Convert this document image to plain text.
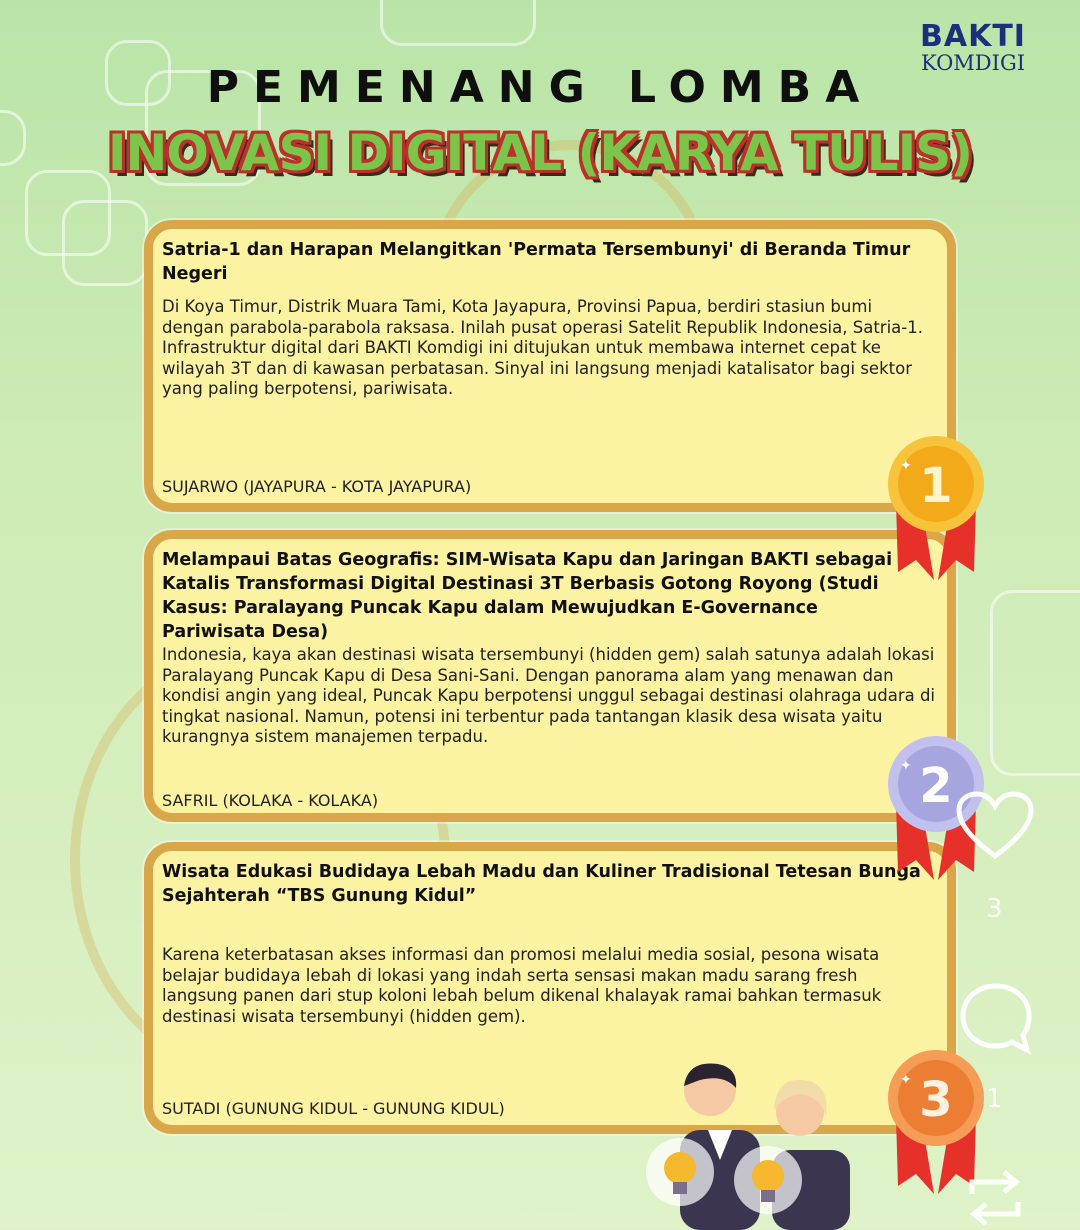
BAKTI
KOMDIGI
PEMENANG LOMBA
INOVASI DIGITAL (KARYA TULIS)
Satria-1 dan Harapan Melangitkan 'Permata Tersembunyi' di Beranda Timur Negeri
Di Koya Timur, Distrik Muara Tami, Kota Jayapura, Provinsi Papua, berdiri stasiun bumi dengan parabola-parabola raksasa. Inilah pusat operasi Satelit Republik Indonesia, Satria-1. Infrastruktur digital dari BAKTI Komdigi ini ditujukan untuk membawa internet cepat ke wilayah 3T dan di kawasan perbatasan. Sinyal ini langsung menjadi katalisator bagi sektor yang paling berpotensi, pariwisata.
SUJARWO (JAYAPURA - KOTA JAYAPURA)
Melampaui Batas Geografis: SIM-Wisata Kapu dan Jaringan BAKTI sebagai Katalis Transformasi Digital Destinasi 3T Berbasis Gotong Royong (Studi Kasus: Paralayang Puncak Kapu dalam Mewujudkan E-Governance Pariwisata Desa)
Indonesia, kaya akan destinasi wisata tersembunyi (hidden gem) salah satunya adalah lokasi Paralayang Puncak Kapu di Desa Sani-Sani. Dengan panorama alam yang menawan dan kondisi angin yang ideal, Puncak Kapu berpotensi unggul sebagai destinasi olahraga udara di tingkat nasional. Namun, potensi ini terbentur pada tantangan klasik desa wisata yaitu kurangnya sistem manajemen terpadu.
SAFRIL (KOLAKA - KOLAKA)
Wisata Edukasi Budidaya Lebah Madu dan Kuliner Tradisional Tetesan Bunga Sejahterah “TBS Gunung Kidul”
Karena keterbatasan akses informasi dan promosi melalui media sosial, pesona wisata belajar budidaya lebah di lokasi yang indah serta sensasi makan madu sarang fresh langsung panen dari stup koloni lebah belum dikenal khalayak ramai bahkan termasuk destinasi wisata tersembunyi (hidden gem).
SUTADI (GUNUNG KIDUL - GUNUNG KIDUL)
1
✦
2
✦
3
✦
3
1
